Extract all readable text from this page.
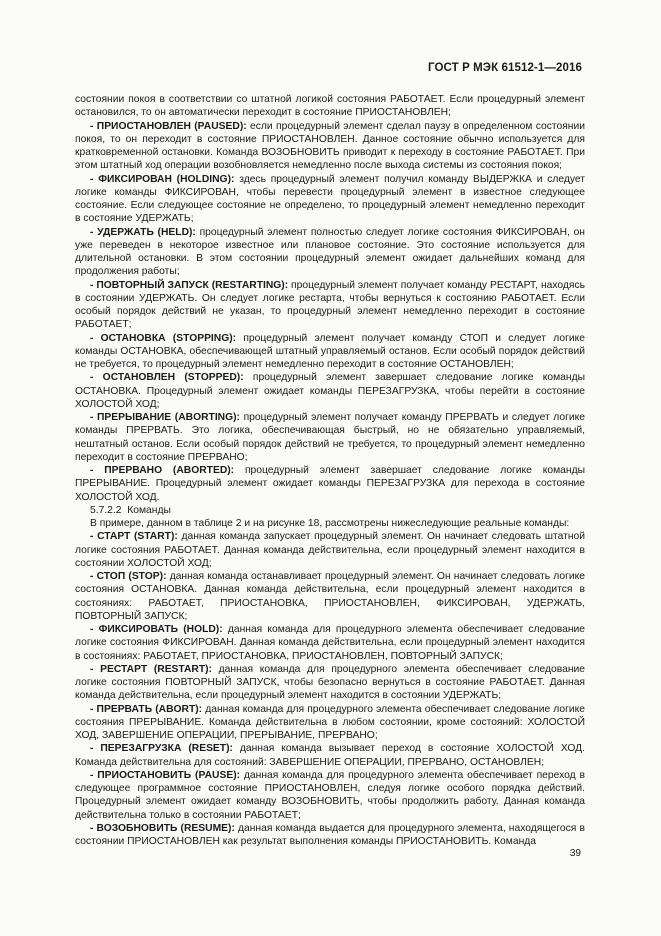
ГОСТ Р МЭК 61512-1—2016

состоянии покоя в соответствии со штатной логикой состояния РАБОТАЕТ. Если процедурный элемент остановился, то он автоматически переходит в состояние ПРИОСТАНОВЛЕН;

- ПРИОСТАНОВЛЕН (PAUSED): если процедурный элемент сделал паузу в определенном состоянии покоя, то он переходит в состояние ПРИОСТАНОВЛЕН. Данное состояние обычно используется для кратковременной остановки. Команда ВОЗОБНОВИТЬ приводит к переходу в состояние РАБОТАЕТ. При этом штатный ход операции возобновляется немедленно после выхода системы из состояния покоя;

- ФИКСИРОВАН (HOLDING): здесь процедурный элемент получил команду ВЫДЕРЖКА и следует логике команды ФИКСИРОВАН, чтобы перевести процедурный элемент в известное следующее состояние. Если следующее состояние не определено, то процедурный элемент немедленно переходит в состояние УДЕРЖАТЬ;

- УДЕРЖАТЬ (HELD): процедурный элемент полностью следует логике состояния ФИКСИРОВАН, он уже переведен в некоторое известное или плановое состояние. Это состояние используется для длительной остановки. В этом состоянии процедурный элемент ожидает дальнейших команд для продолжения работы;

- ПОВТОРНЫЙ ЗАПУСК (RESTARTING): процедурный элемент получает команду РЕСТАРТ, находясь в состоянии УДЕРЖАТЬ. Он следует логике рестарта, чтобы вернуться к состоянию РАБОТАЕТ. Если особый порядок действий не указан, то процедурный элемент немедленно переходит в состояние РАБОТАЕТ;

- ОСТАНОВКА (STOPPING): процедурный элемент получает команду СТОП и следует логике команды ОСТАНОВКА, обеспечивающей штатный управляемый останов. Если особый порядок действий не требуется, то процедурный элемент немедленно переходит в состояние ОСТАНОВЛЕН;

- ОСТАНОВЛЕН (STOPPED): процедурный элемент завершает следование логике команды ОСТАНОВКА. Процедурный элемент ожидает команды ПЕРЕЗАГРУЗКА, чтобы перейти в состояние ХОЛОСТОЙ ХОД;

- ПРЕРЫВАНИЕ (ABORTING): процедурный элемент получает команду ПРЕРВАТЬ и следует логике команды ПРЕРВАТЬ. Это логика, обеспечивающая быстрый, но не обязательно управляемый, нештатный останов. Если особый порядок действий не требуется, то процедурный элемент немедленно переходит в состояние ПРЕРВАНО;

- ПРЕРВАНО (ABORTED): процедурный элемент завершает следование логике команды ПРЕРЫВАНИЕ. Процедурный элемент ожидает команды ПЕРЕЗАГРУЗКА для перехода в состояние ХОЛОСТОЙ ХОД.

5.7.2.2 Команды

В примере, данном в таблице 2 и на рисунке 18, рассмотрены нижеследующие реальные команды:

- СТАРТ (START): данная команда запускает процедурный элемент. Он начинает следовать штатной логике состояния РАБОТАЕТ. Данная команда действительна, если процедурный элемент находится в состоянии ХОЛОСТОЙ ХОД;

- СТОП (STOP): данная команда останавливает процедурный элемент. Он начинает следовать логике состояния ОСТАНОВКА. Данная команда действительна, если процедурный элемент находится в состояниях: РАБОТАЕТ, ПРИОСТАНОВКА, ПРИОСТАНОВЛЕН, ФИКСИРОВАН, УДЕРЖАТЬ, ПОВТОРНЫЙ ЗАПУСК;

- ФИКСИРОВАТЬ (HOLD): данная команда для процедурного элемента обеспечивает следование логике состояния ФИКСИРОВАН. Данная команда действительна, если процедурный элемент находится в состояниях: РАБОТАЕТ, ПРИОСТАНОВКА, ПРИОСТАНОВЛЕН, ПОВТОРНЫЙ ЗАПУСК;

- РЕСТАРТ (RESTART): данная команда для процедурного элемента обеспечивает следование логике состояния ПОВТОРНЫЙ ЗАПУСК, чтобы безопасно вернуться в состояние РАБОТАЕТ. Данная команда действительна, если процедурный элемент находится в состоянии УДЕРЖАТЬ;

- ПРЕРВАТЬ (ABORT): данная команда для процедурного элемента обеспечивает следование логике состояния ПРЕРЫВАНИЕ. Команда действительна в любом состоянии, кроме состояний: ХОЛОСТОЙ ХОД, ЗАВЕРШЕНИЕ ОПЕРАЦИИ, ПРЕРЫВАНИЕ, ПРЕРВАНО;

- ПЕРЕЗАГРУЗКА (RESET): данная команда вызывает переход в состояние ХОЛОСТОЙ ХОД. Команда действительна для состояний: ЗАВЕРШЕНИЕ ОПЕРАЦИИ, ПРЕРВАНО, ОСТАНОВЛЕН;

- ПРИОСТАНОВИТЬ (PAUSE): данная команда для процедурного элемента обеспечивает переход в следующее программное состояние ПРИОСТАНОВЛЕН, следуя логике особого порядка действий. Процедурный элемент ожидает команду ВОЗОБНОВИТЬ, чтобы продолжить работу. Данная команда действительна только в состоянии РАБОТАЕТ;

- ВОЗОБНОВИТЬ (RESUME): данная команда выдается для процедурного элемента, находящегося в состоянии ПРИОСТАНОВЛЕН как результат выполнения команды ПРИОСТАНОВИТЬ. Команда

39
